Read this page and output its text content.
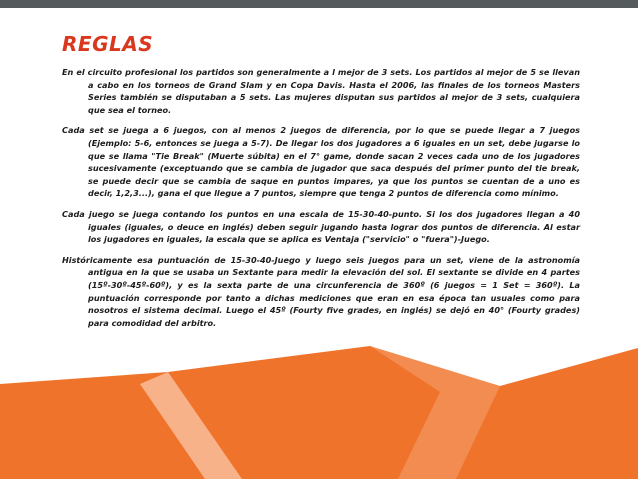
REGLAS

En el circuito profesional los partidos son generalmente a l mejor de 3 sets. Los partidos al mejor de 5 se llevan a cabo en los torneos de Grand Slam y en Copa Davis. Hasta el 2006, las finales de los torneos Masters Series también se disputaban a 5 sets. Las mujeres disputan sus partidos al mejor de 3 sets, cualquiera que sea el torneo.

Cada set se juega a 6 juegos, con al menos 2 juegos de diferencia, por lo que se puede llegar a 7 juegos (Ejemplo: 5-6, entonces se juega a 5-7). De llegar los dos jugadores a 6 iguales en un set, debe jugarse lo que se llama "Tie Break" (Muerte súbita) en el 7° game, donde sacan 2 veces cada uno de los jugadores sucesivamente (exceptuando que se cambia de jugador que saca después del primer punto del tie break, se puede decir que se cambia de saque en puntos impares, ya que los puntos se cuentan de a uno es decir, 1,2,3...), gana el que llegue a 7 puntos, siempre que tenga 2 puntos de diferencia como mínimo.

Cada juego se juega contando los puntos en una escala de 15-30-40-punto. Si los dos jugadores llegan a 40 iguales (iguales, o deuce en inglés) deben seguir jugando hasta lograr dos puntos de diferencia. Al estar los jugadores en iguales, la escala que se aplica es Ventaja ("servicio" o "fuera")-Juego.

Históricamente esa puntuación de 15-30-40-Juego y luego seis juegos para un set, viene de la astronomía antigua en la que se usaba un Sextante para medir la elevación del sol. El sextante se divide en 4 partes (15º-30º-45º-60º), y es la sexta parte de una circunferencia de 360º (6 juegos = 1 Set = 360º). La puntuación corresponde por tanto a dichas mediciones que eran en esa época tan usuales como para nosotros el sistema decimal. Luego el 45º (Fourty five grades, en inglés) se dejó en 40° (Fourty grades) para comodidad del arbitro.
